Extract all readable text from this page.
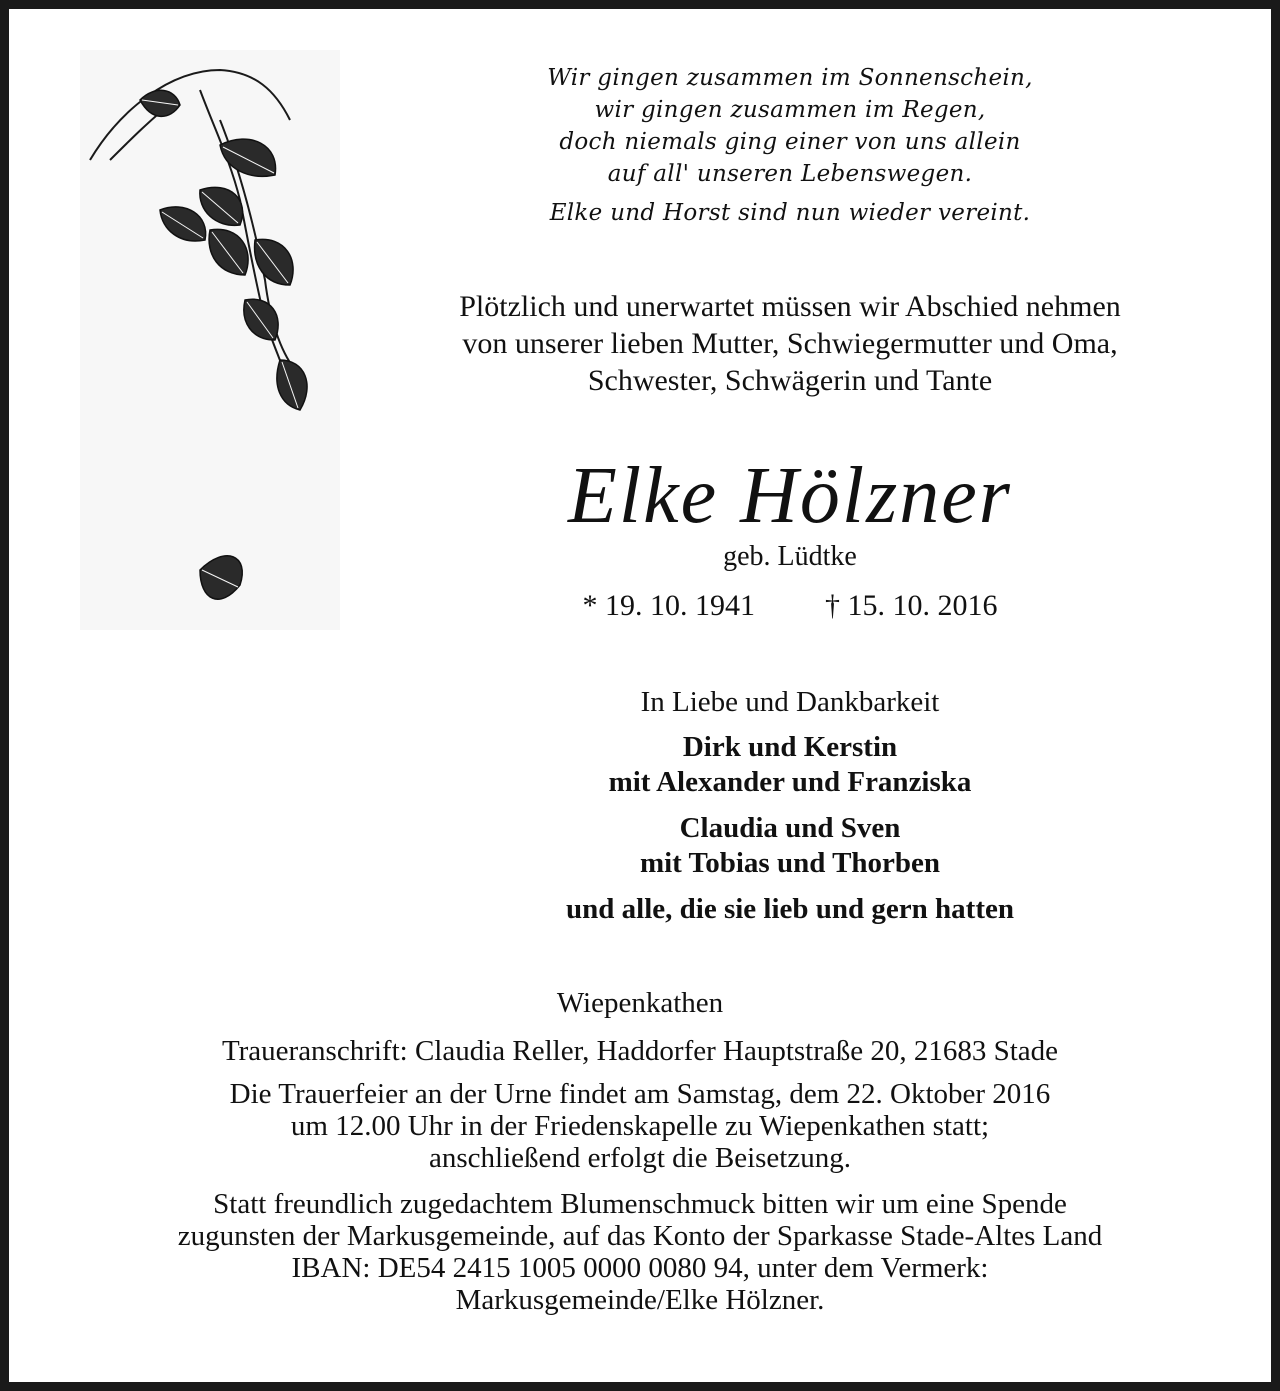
Wir gingen zusammen im Sonnenschein,
wir gingen zusammen im Regen,
doch niemals ging einer von uns allein
auf all' unseren Lebenswegen.
Elke und Horst sind nun wieder vereint.
Plötzlich und unerwartet müssen wir Abschied nehmen
von unserer lieben Mutter, Schwiegermutter und Oma,
Schwester, Schwägerin und Tante
Elke Hölzner
geb. Lüdtke
* 19. 10. 1941 † 15. 10. 2016
In Liebe und Dankbarkeit
Dirk und Kerstin
mit Alexander und Franziska
Claudia und Sven
mit Tobias und Thorben
und alle, die sie lieb und gern hatten
Wiepenkathen
Traueranschrift: Claudia Reller, Haddorfer Hauptstraße 20, 21683 Stade
Die Trauerfeier an der Urne findet am Samstag, dem 22. Oktober 2016
um 12.00 Uhr in der Friedenskapelle zu Wiepenkathen statt;
anschließend erfolgt die Beisetzung.
Statt freundlich zugedachtem Blumenschmuck bitten wir um eine Spende
zugunsten der Markusgemeinde, auf das Konto der Sparkasse Stade-Altes Land
IBAN: DE54 2415 1005 0000 0080 94, unter dem Vermerk:
Markusgemeinde/Elke Hölzner.
